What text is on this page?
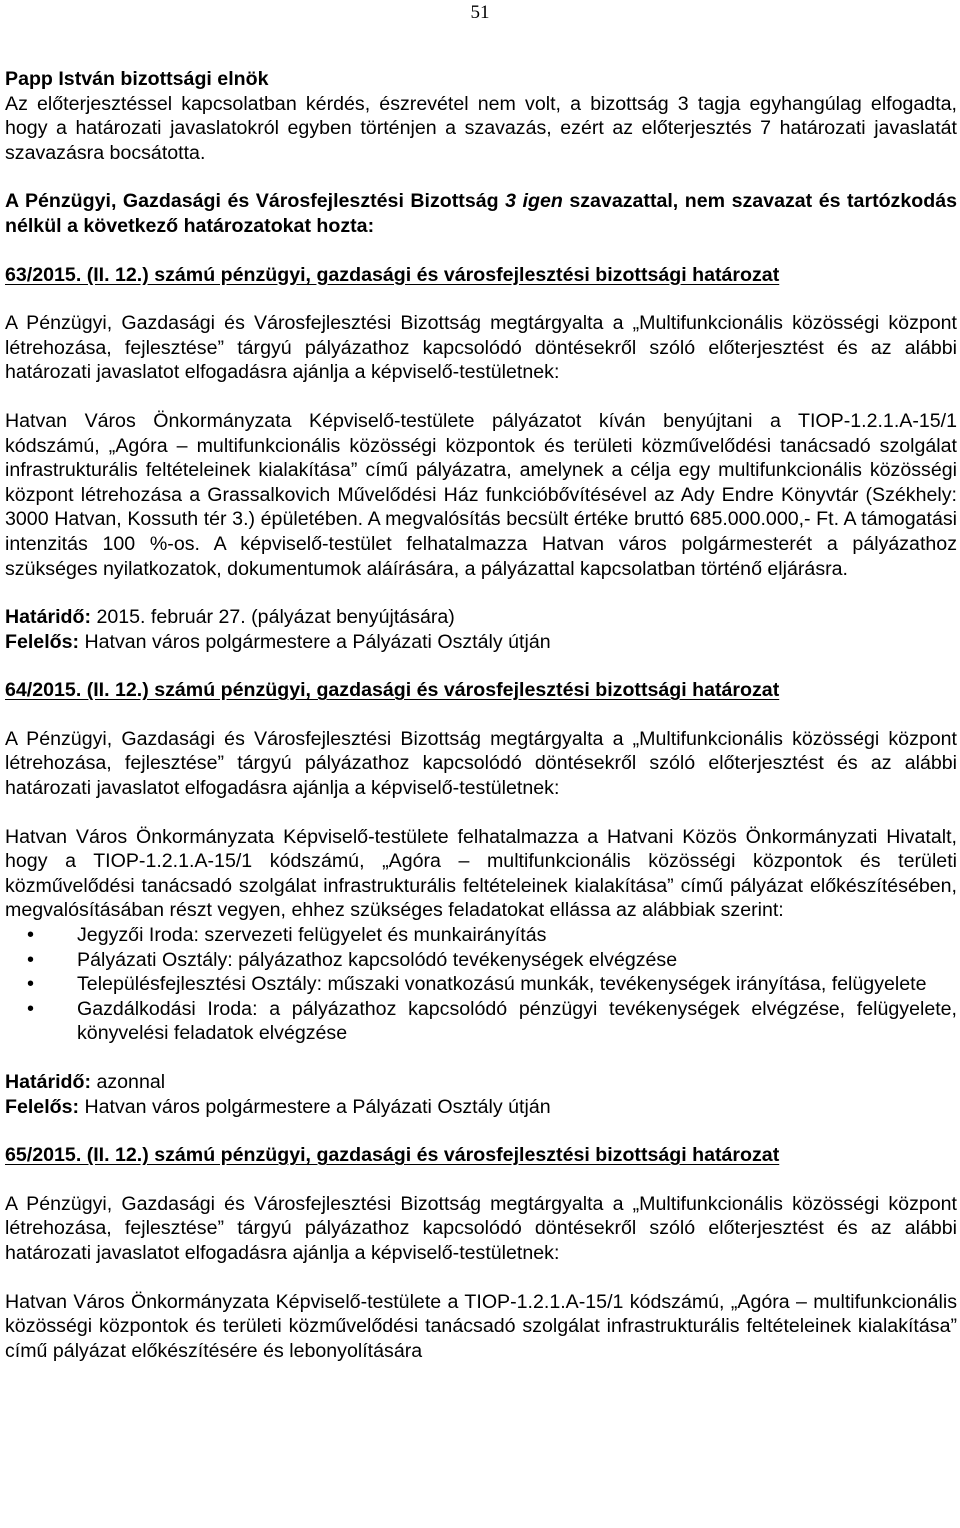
51

Papp István bizottsági elnök

Az előterjesztéssel kapcsolatban kérdés, észrevétel nem volt, a bizottság 3 tagja egyhangúlag elfogadta, hogy a határozati javaslatokról egyben történjen a szavazás, ezért az előterjesztés 7 határozati javaslatát szavazásra bocsátotta.

A Pénzügyi, Gazdasági és Városfejlesztési Bizottság 3 igen szavazattal, nem szavazat és tartózkodás nélkül a következő határozatokat hozta:

63/2015. (II. 12.) számú pénzügyi, gazdasági és városfejlesztési bizottsági határozat

A Pénzügyi, Gazdasági és Városfejlesztési Bizottság megtárgyalta a „Multifunkcionális közösségi központ létrehozása, fejlesztése” tárgyú pályázathoz kapcsolódó döntésekről szóló előterjesztést és az alábbi határozati javaslatot elfogadásra ajánlja a képviselő-testületnek:

Hatvan Város Önkormányzata Képviselő-testülete pályázatot kíván benyújtani a TIOP-1.2.1.A-15/1 kódszámú, „Agóra – multifunkcionális közösségi központok és területi közművelődési tanácsadó szolgálat infrastrukturális feltételeinek kialakítása” című pályázatra, amelynek a célja egy multifunkcionális közösségi központ létrehozása a Grassalkovich Művelődési Ház funkcióbővítésével az Ady Endre Könyvtár (Székhely: 3000 Hatvan, Kossuth tér 3.) épületében. A megvalósítás becsült értéke bruttó 685.000.000,- Ft. A támogatási intenzitás 100 %-os. A képviselő-testület felhatalmazza Hatvan város polgármesterét a pályázathoz szükséges nyilatkozatok, dokumentumok aláírására, a pályázattal kapcsolatban történő eljárásra.

Határidő: 2015. február 27. (pályázat benyújtására)

Felelős: Hatvan város polgármestere a Pályázati Osztály útján

64/2015. (II. 12.) számú pénzügyi, gazdasági és városfejlesztési bizottsági határozat

A Pénzügyi, Gazdasági és Városfejlesztési Bizottság megtárgyalta a „Multifunkcionális közösségi központ létrehozása, fejlesztése” tárgyú pályázathoz kapcsolódó döntésekről szóló előterjesztést és az alábbi határozati javaslatot elfogadásra ajánlja a képviselő-testületnek:

Hatvan Város Önkormányzata Képviselő-testülete felhatalmazza a Hatvani Közös Önkormányzati Hivatalt, hogy a TIOP-1.2.1.A-15/1 kódszámú, „Agóra – multifunkcionális közösségi központok és területi közművelődési tanácsadó szolgálat infrastrukturális feltételeinek kialakítása” című pályázat előkészítésében, megvalósításában részt vegyen, ehhez szükséges feladatokat ellássa az alábbiak szerint:

• Jegyzői Iroda: szervezeti felügyelet és munkairányítás
• Pályázati Osztály: pályázathoz kapcsolódó tevékenységek elvégzése
• Településfejlesztési Osztály: műszaki vonatkozású munkák, tevékenységek irányítása, felügyelete
• Gazdálkodási Iroda: a pályázathoz kapcsolódó pénzügyi tevékenységek elvégzése, felügyelete, könyvelési feladatok elvégzése

Határidő: azonnal

Felelős: Hatvan város polgármestere a Pályázati Osztály útján

65/2015. (II. 12.) számú pénzügyi, gazdasági és városfejlesztési bizottsági határozat

A Pénzügyi, Gazdasági és Városfejlesztési Bizottság megtárgyalta a „Multifunkcionális közösségi központ létrehozása, fejlesztése” tárgyú pályázathoz kapcsolódó döntésekről szóló előterjesztést és az alábbi határozati javaslatot elfogadásra ajánlja a képviselő-testületnek:

Hatvan Város Önkormányzata Képviselő-testülete a TIOP-1.2.1.A-15/1 kódszámú, „Agóra – multifunkcionális közösségi központok és területi közművelődési tanácsadó szolgálat infrastrukturális feltételeinek kialakítása” című pályázat előkészítésére és lebonyolítására
